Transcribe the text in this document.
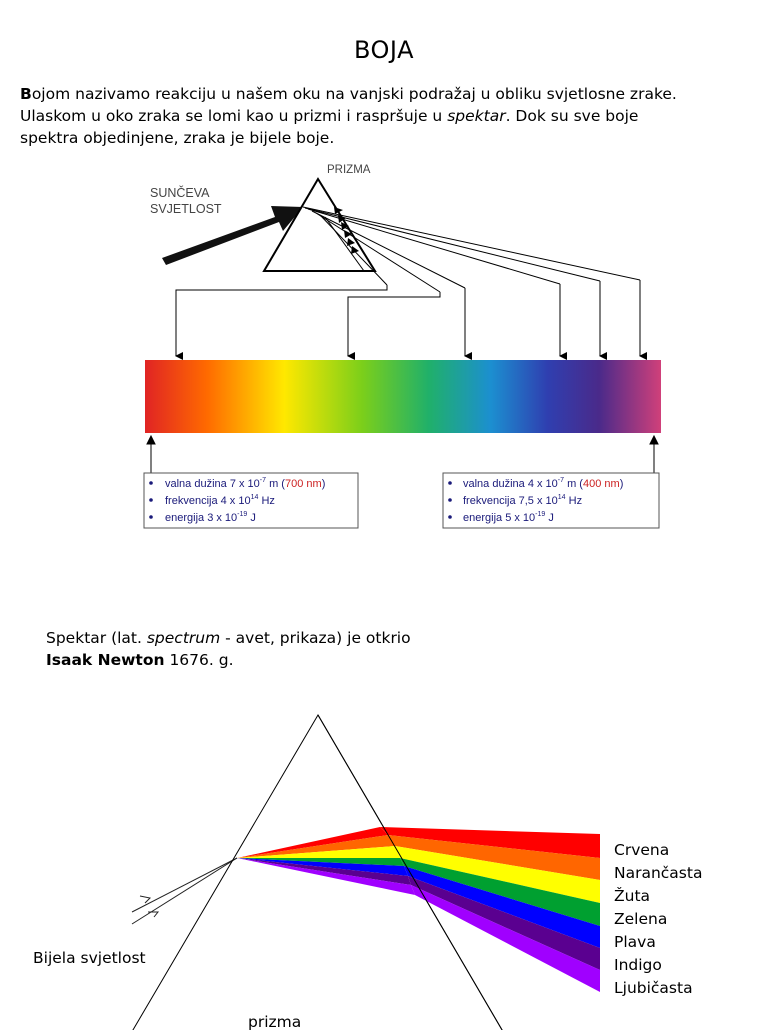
BOJA
Bojom nazivamo reakciju u našem oku na vanjski podražaj u obliku svjetlosne zrake.
Ulaskom u oko zraka se lomi kao u prizmi i raspršuje u spektar. Dok su sve boje
spektra objedinjene, zraka je bijele boje.
SUNČEVA
SVJETLOST
PRIZMA
valna dužina 7 x $10^{-7}$ m (700 nm)
frekvencija 4 x $10^{14}$ Hz
energija 3 x $10^{-19}$ J
valna dužina 4 x $10^{-7}$ m (400 nm)
frekvencija 7,5 x $10^{14}$ Hz
energija 5 x $10^{-19}$ J
Spektar (lat. spectrum - avet, prikaza) je otkrio
Isaak Newton 1676. g.
Crvena
Narančasta
Žuta
Zelena
Plava
Indigo
Ljubičasta
Bijela svjetlost
prizma
